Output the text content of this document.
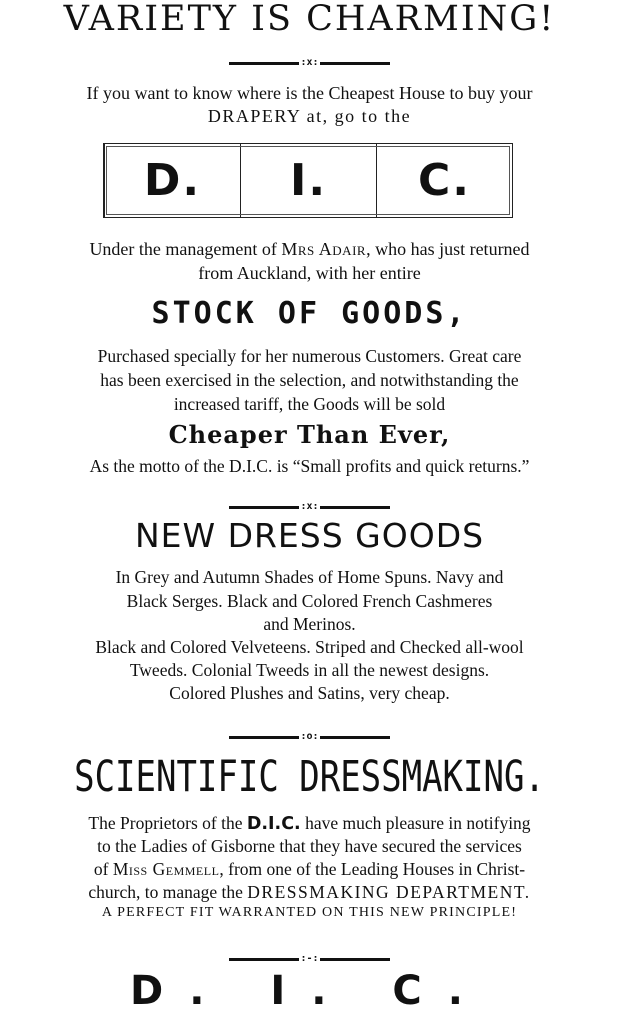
VARIETY IS CHARMING!
:x:
If you want to know where is the Cheapest House to buy your
DRAPERY at, go to the
D.	I.	C.
Under the management of Mrs Adair, who has just returned
from Auckland, with her entire
STOCK OF GOODS,
Purchased specially for her numerous Customers. Great care
has been exercised in the selection, and notwithstanding the
increased tariff, the Goods will be sold
Cheaper Than Ever,
As the motto of the D.I.C. is “Small profits and quick returns.”
:x:
NEW DRESS GOODS
In Grey and Autumn Shades of Home Spuns. Navy and
Black Serges. Black and Colored French Cashmeres
and Merinos.
Black and Colored Velveteens. Striped and Checked all-wool
Tweeds. Colonial Tweeds in all the newest designs.
Colored Plushes and Satins, very cheap.
:o:
SCIENTIFIC DRESSMAKING.
The Proprietors of the D.I.C. have much pleasure in notifying
to the Ladies of Gisborne that they have secured the services
of Miss Gemmell, from one of the Leading Houses in Christ-
church, to manage the DRESSMAKING DEPARTMENT.
A PERFECT FIT WARRANTED ON THIS NEW PRINCIPLE!
:-:
D. I. C.
